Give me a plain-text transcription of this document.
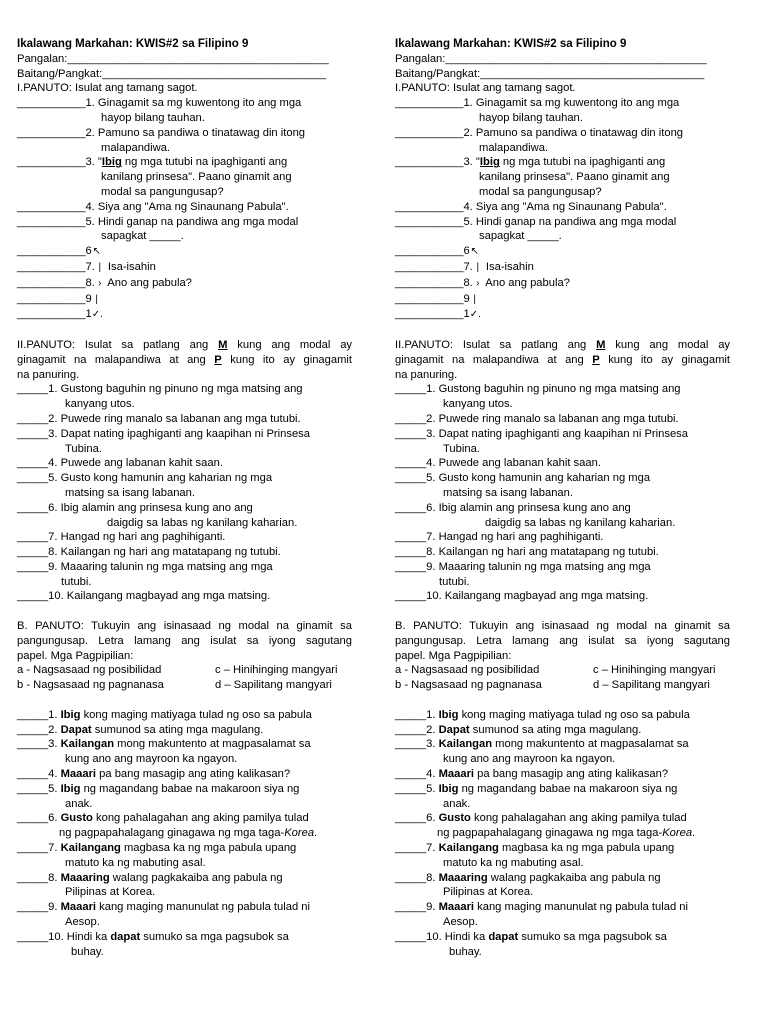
Ikalawang Markahan: KWIS#2 sa Filipino 9
Pangalan:__________________________________________
Baitang/Pangkat:____________________________________
I.PANUTO: Isulat ang tamang sagot.
___________1. Ginagamit sa mg kuwentong ito ang mga
hayop bilang tauhan.
___________2. Pamuno sa pandiwa o tinatawag din itong
malapandiwa.
___________3. "Ibig ng mga tutubi na ipaghiganti ang
kanilang prinsesa". Paano ginamit ang
modal sa pangungusap?
___________4. Siya ang "Ama ng Sinaunang Pabula".
___________5. Hindi ganap na pandiwa ang mga modal
sapagkat _____.
___________6↖
___________7. | Isa-isahin
___________8. › Ano ang pabula?
___________9 |
___________1✓.
II.PANUTO: Isulat sa patlang ang M kung ang modal ay
ginagamit na malapandiwa at ang P kung ito ay ginagamit
na panuring.
_____1. Gustong baguhin ng pinuno ng mga matsing ang
kanyang utos.
_____2. Puwede ring manalo sa labanan ang mga tutubi.
_____3. Dapat nating ipaghiganti ang kaapihan ni Prinsesa
Tubina.
_____4. Puwede ang labanan kahit saan.
_____5. Gusto kong hamunin ang kaharian ng mga
matsing sa isang labanan.
_____6. Ibig alamin ang prinsesa kung ano ang
daigdig sa labas ng kanilang kaharian.
_____7. Hangad ng hari ang paghihiganti.
_____8. Kailangan ng hari ang matatapang ng tutubi.
_____9. Maaaring talunin ng mga matsing ang mga
tutubi.
_____10. Kailangang magbayad ang mga matsing.
B. PANUTO: Tukuyin ang isinasaad ng modal na ginamit sa
pangungusap. Letra lamang ang isulat sa iyong sagutang
papel. Mga Pagpipilian:
a - Nagsasaad ng posibilidad	c – Hinihinging mangyari
b - Nagsasaad ng pagnanasa	d – Sapilitang mangyari
_____1. Ibig kong maging matiyaga tulad ng oso sa pabula
_____2. Dapat sumunod sa ating mga magulang.
_____3. Kailangan mong makuntento at magpasalamat sa
kung ano ang mayroon ka ngayon.
_____4. Maaari pa bang masagip ang ating kalikasan?
_____5. Ibig ng magandang babae na makaroon siya ng
anak.
_____6. Gusto kong pahalagahan ang aking pamilya tulad
ng pagpapahalagang ginagawa ng mga taga-Korea.
_____7. Kailangang magbasa ka ng mga pabula upang
matuto ka ng mabuting asal.
_____8. Maaaring walang pagkakaiba ang pabula ng
Pilipinas at Korea.
_____9. Maaari kang maging manunulat ng pabula tulad ni
Aesop.
_____10. Hindi ka dapat sumuko sa mga pagsubok sa
buhay.
Ikalawang Markahan: KWIS#2 sa Filipino 9
Pangalan:__________________________________________
Baitang/Pangkat:____________________________________
I.PANUTO: Isulat ang tamang sagot.
___________1. Ginagamit sa mg kuwentong ito ang mga
hayop bilang tauhan.
___________2. Pamuno sa pandiwa o tinatawag din itong
malapandiwa.
___________3. "Ibig ng mga tutubi na ipaghiganti ang
kanilang prinsesa". Paano ginamit ang
modal sa pangungusap?
___________4. Siya ang "Ama ng Sinaunang Pabula".
___________5. Hindi ganap na pandiwa ang mga modal
sapagkat _____.
___________6↖
___________7. | Isa-isahin
___________8. › Ano ang pabula?
___________9 |
___________1✓.
II.PANUTO: Isulat sa patlang ang M kung ang modal ay
ginagamit na malapandiwa at ang P kung ito ay ginagamit
na panuring.
_____1. Gustong baguhin ng pinuno ng mga matsing ang
kanyang utos.
_____2. Puwede ring manalo sa labanan ang mga tutubi.
_____3. Dapat nating ipaghiganti ang kaapihan ni Prinsesa
Tubina.
_____4. Puwede ang labanan kahit saan.
_____5. Gusto kong hamunin ang kaharian ng mga
matsing sa isang labanan.
_____6. Ibig alamin ang prinsesa kung ano ang
daigdig sa labas ng kanilang kaharian.
_____7. Hangad ng hari ang paghihiganti.
_____8. Kailangan ng hari ang matatapang ng tutubi.
_____9. Maaaring talunin ng mga matsing ang mga
tutubi.
_____10. Kailangang magbayad ang mga matsing.
B. PANUTO: Tukuyin ang isinasaad ng modal na ginamit sa
pangungusap. Letra lamang ang isulat sa iyong sagutang
papel. Mga Pagpipilian:
a - Nagsasaad ng posibilidad	c – Hinihinging mangyari
b - Nagsasaad ng pagnanasa	d – Sapilitang mangyari
_____1. Ibig kong maging matiyaga tulad ng oso sa pabula
_____2. Dapat sumunod sa ating mga magulang.
_____3. Kailangan mong makuntento at magpasalamat sa
kung ano ang mayroon ka ngayon.
_____4. Maaari pa bang masagip ang ating kalikasan?
_____5. Ibig ng magandang babae na makaroon siya ng
anak.
_____6. Gusto kong pahalagahan ang aking pamilya tulad
ng pagpapahalagang ginagawa ng mga taga-Korea.
_____7. Kailangang magbasa ka ng mga pabula upang
matuto ka ng mabuting asal.
_____8. Maaaring walang pagkakaiba ang pabula ng
Pilipinas at Korea.
_____9. Maaari kang maging manunulat ng pabula tulad ni
Aesop.
_____10. Hindi ka dapat sumuko sa mga pagsubok sa
buhay.
